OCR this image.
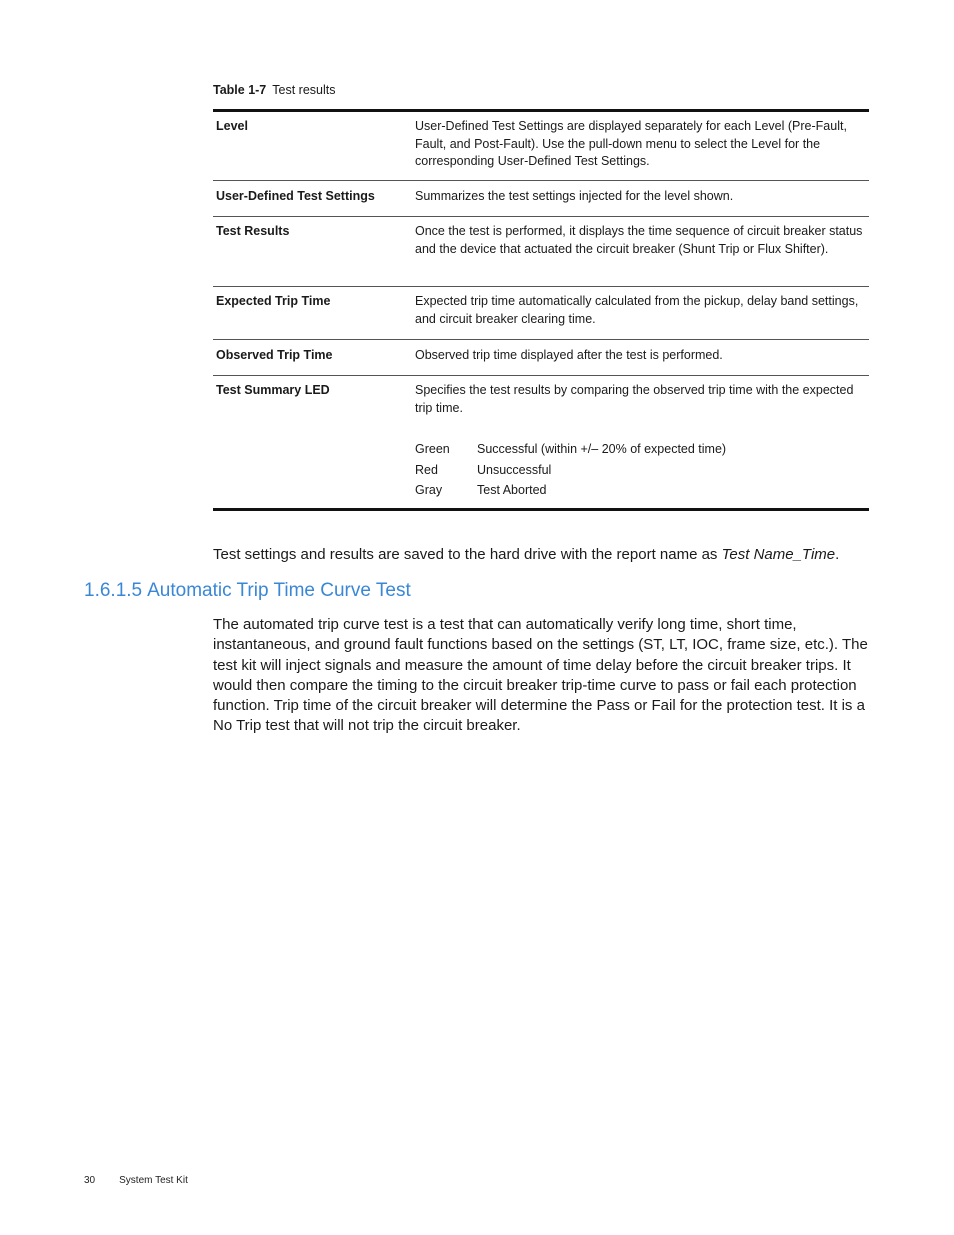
Table 1-7 Test results
Level	User-Defined Test Settings are displayed separately for each Level (Pre-Fault, Fault, and Post-Fault). Use the pull-down menu to select the Level for the corresponding User-Defined Test Settings.
User-Defined Test Settings	Summarizes the test settings injected for the level shown.
Test Results	Once the test is performed, it displays the time sequence of circuit breaker status and the device that actuated the circuit breaker (Shunt Trip or Flux Shifter).
Expected Trip Time	Expected trip time automatically calculated from the pickup, delay band settings, and circuit breaker clearing time.
Observed Trip Time	Observed trip time displayed after the test is performed.
Test Summary LED	Specifies the test results by comparing the observed trip time with the expected trip time.
Green	Successful (within +/– 20% of expected time)
Red	Unsuccessful
Gray	Test Aborted

Test settings and results are saved to the hard drive with the report name as Test Name_Time.

1.6.1.5 Automatic Trip Time Curve Test

The automated trip curve test is a test that can automatically verify long time, short time, instantaneous, and ground fault functions based on the settings (ST, LT, IOC, frame size, etc.). The test kit will inject signals and measure the amount of time delay before the circuit breaker trips. It would then compare the timing to the circuit breaker trip-time curve to pass or fail each protection function. Trip time of the circuit breaker will determine the Pass or Fail for the protection test. It is a No Trip test that will not trip the circuit breaker.

30 System Test Kit
